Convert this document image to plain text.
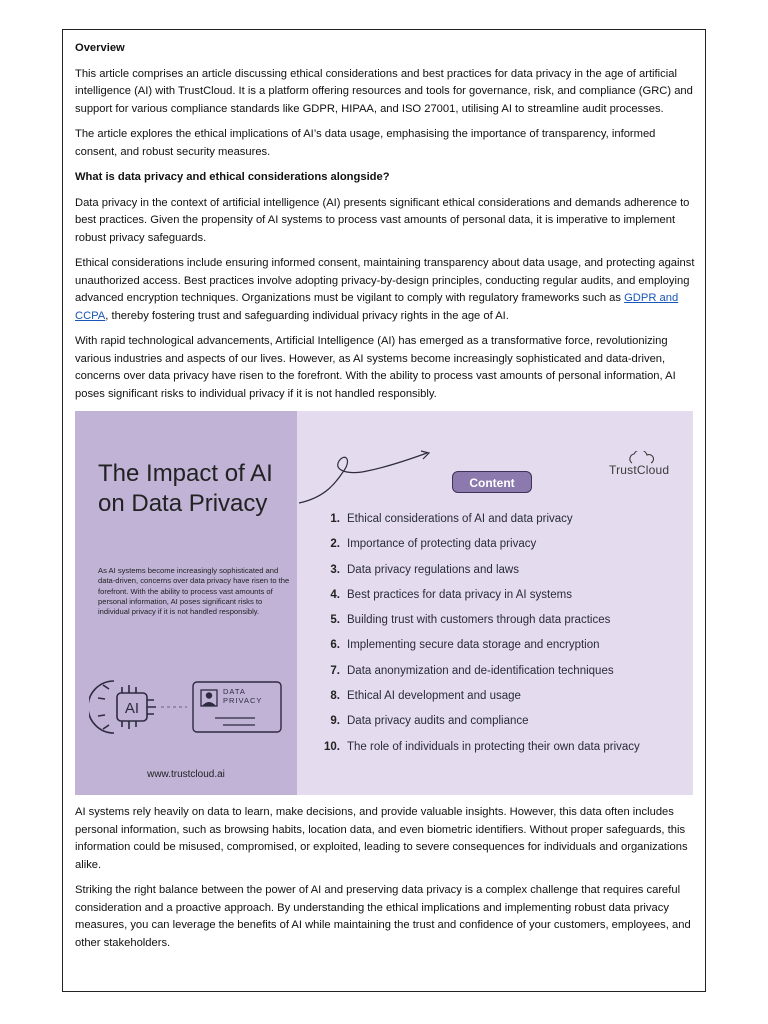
Overview

This article comprises an article discussing ethical considerations and best practices for data privacy in the age of artificial intelligence (AI) with TrustCloud. It is a platform offering resources and tools for governance, risk, and compliance (GRC) and support for various compliance standards like GDPR, HIPAA, and ISO 27001, utilising AI to streamline audit processes.

The article explores the ethical implications of AI’s data usage, emphasising the importance of transparency, informed consent, and robust security measures.

What is data privacy and ethical considerations alongside?

Data privacy in the context of artificial intelligence (AI) presents significant ethical considerations and demands adherence to best practices. Given the propensity of AI systems to process vast amounts of personal data, it is imperative to implement robust privacy safeguards.

Ethical considerations include ensuring informed consent, maintaining transparency about data usage, and protecting against unauthorized access. Best practices involve adopting privacy-by-design principles, conducting regular audits, and employing advanced encryption techniques. Organizations must be vigilant to comply with regulatory frameworks such as GDPR and CCPA, thereby fostering trust and safeguarding individual privacy rights in the age of AI.

With rapid technological advancements, Artificial Intelligence (AI) has emerged as a transformative force, revolutionizing various industries and aspects of our lives. However, as AI systems become increasingly sophisticated and data-driven, concerns over data privacy have risen to the forefront. With the ability to process vast amounts of personal information, AI poses significant risks to individual privacy if it is not handled responsibly.

The Impact of AI on Data Privacy
As AI systems become increasingly sophisticated and data-driven, concerns over data privacy have risen to the forefront. With the ability to process vast amounts of personal information, AI poses significant risks to individual privacy if it is not handled responsibly.
AI
DATA
PRIVACY
www.trustcloud.ai
Content
TrustCloud
1. Ethical considerations of AI and data privacy
2. Importance of protecting data privacy
3. Data privacy regulations and laws
4. Best practices for data privacy in AI systems
5. Building trust with customers through data practices
6. Implementing secure data storage and encryption
7. Data anonymization and de-identification techniques
8. Ethical AI development and usage
9. Data privacy audits and compliance
10. The role of individuals in protecting their own data privacy

AI systems rely heavily on data to learn, make decisions, and provide valuable insights. However, this data often includes personal information, such as browsing habits, location data, and even biometric identifiers. Without proper safeguards, this information could be misused, compromised, or exploited, leading to severe consequences for individuals and organizations alike.

Striking the right balance between the power of AI and preserving data privacy is a complex challenge that requires careful consideration and a proactive approach. By understanding the ethical implications and implementing robust data privacy measures, you can leverage the benefits of AI while maintaining the trust and confidence of your customers, employees, and other stakeholders.
